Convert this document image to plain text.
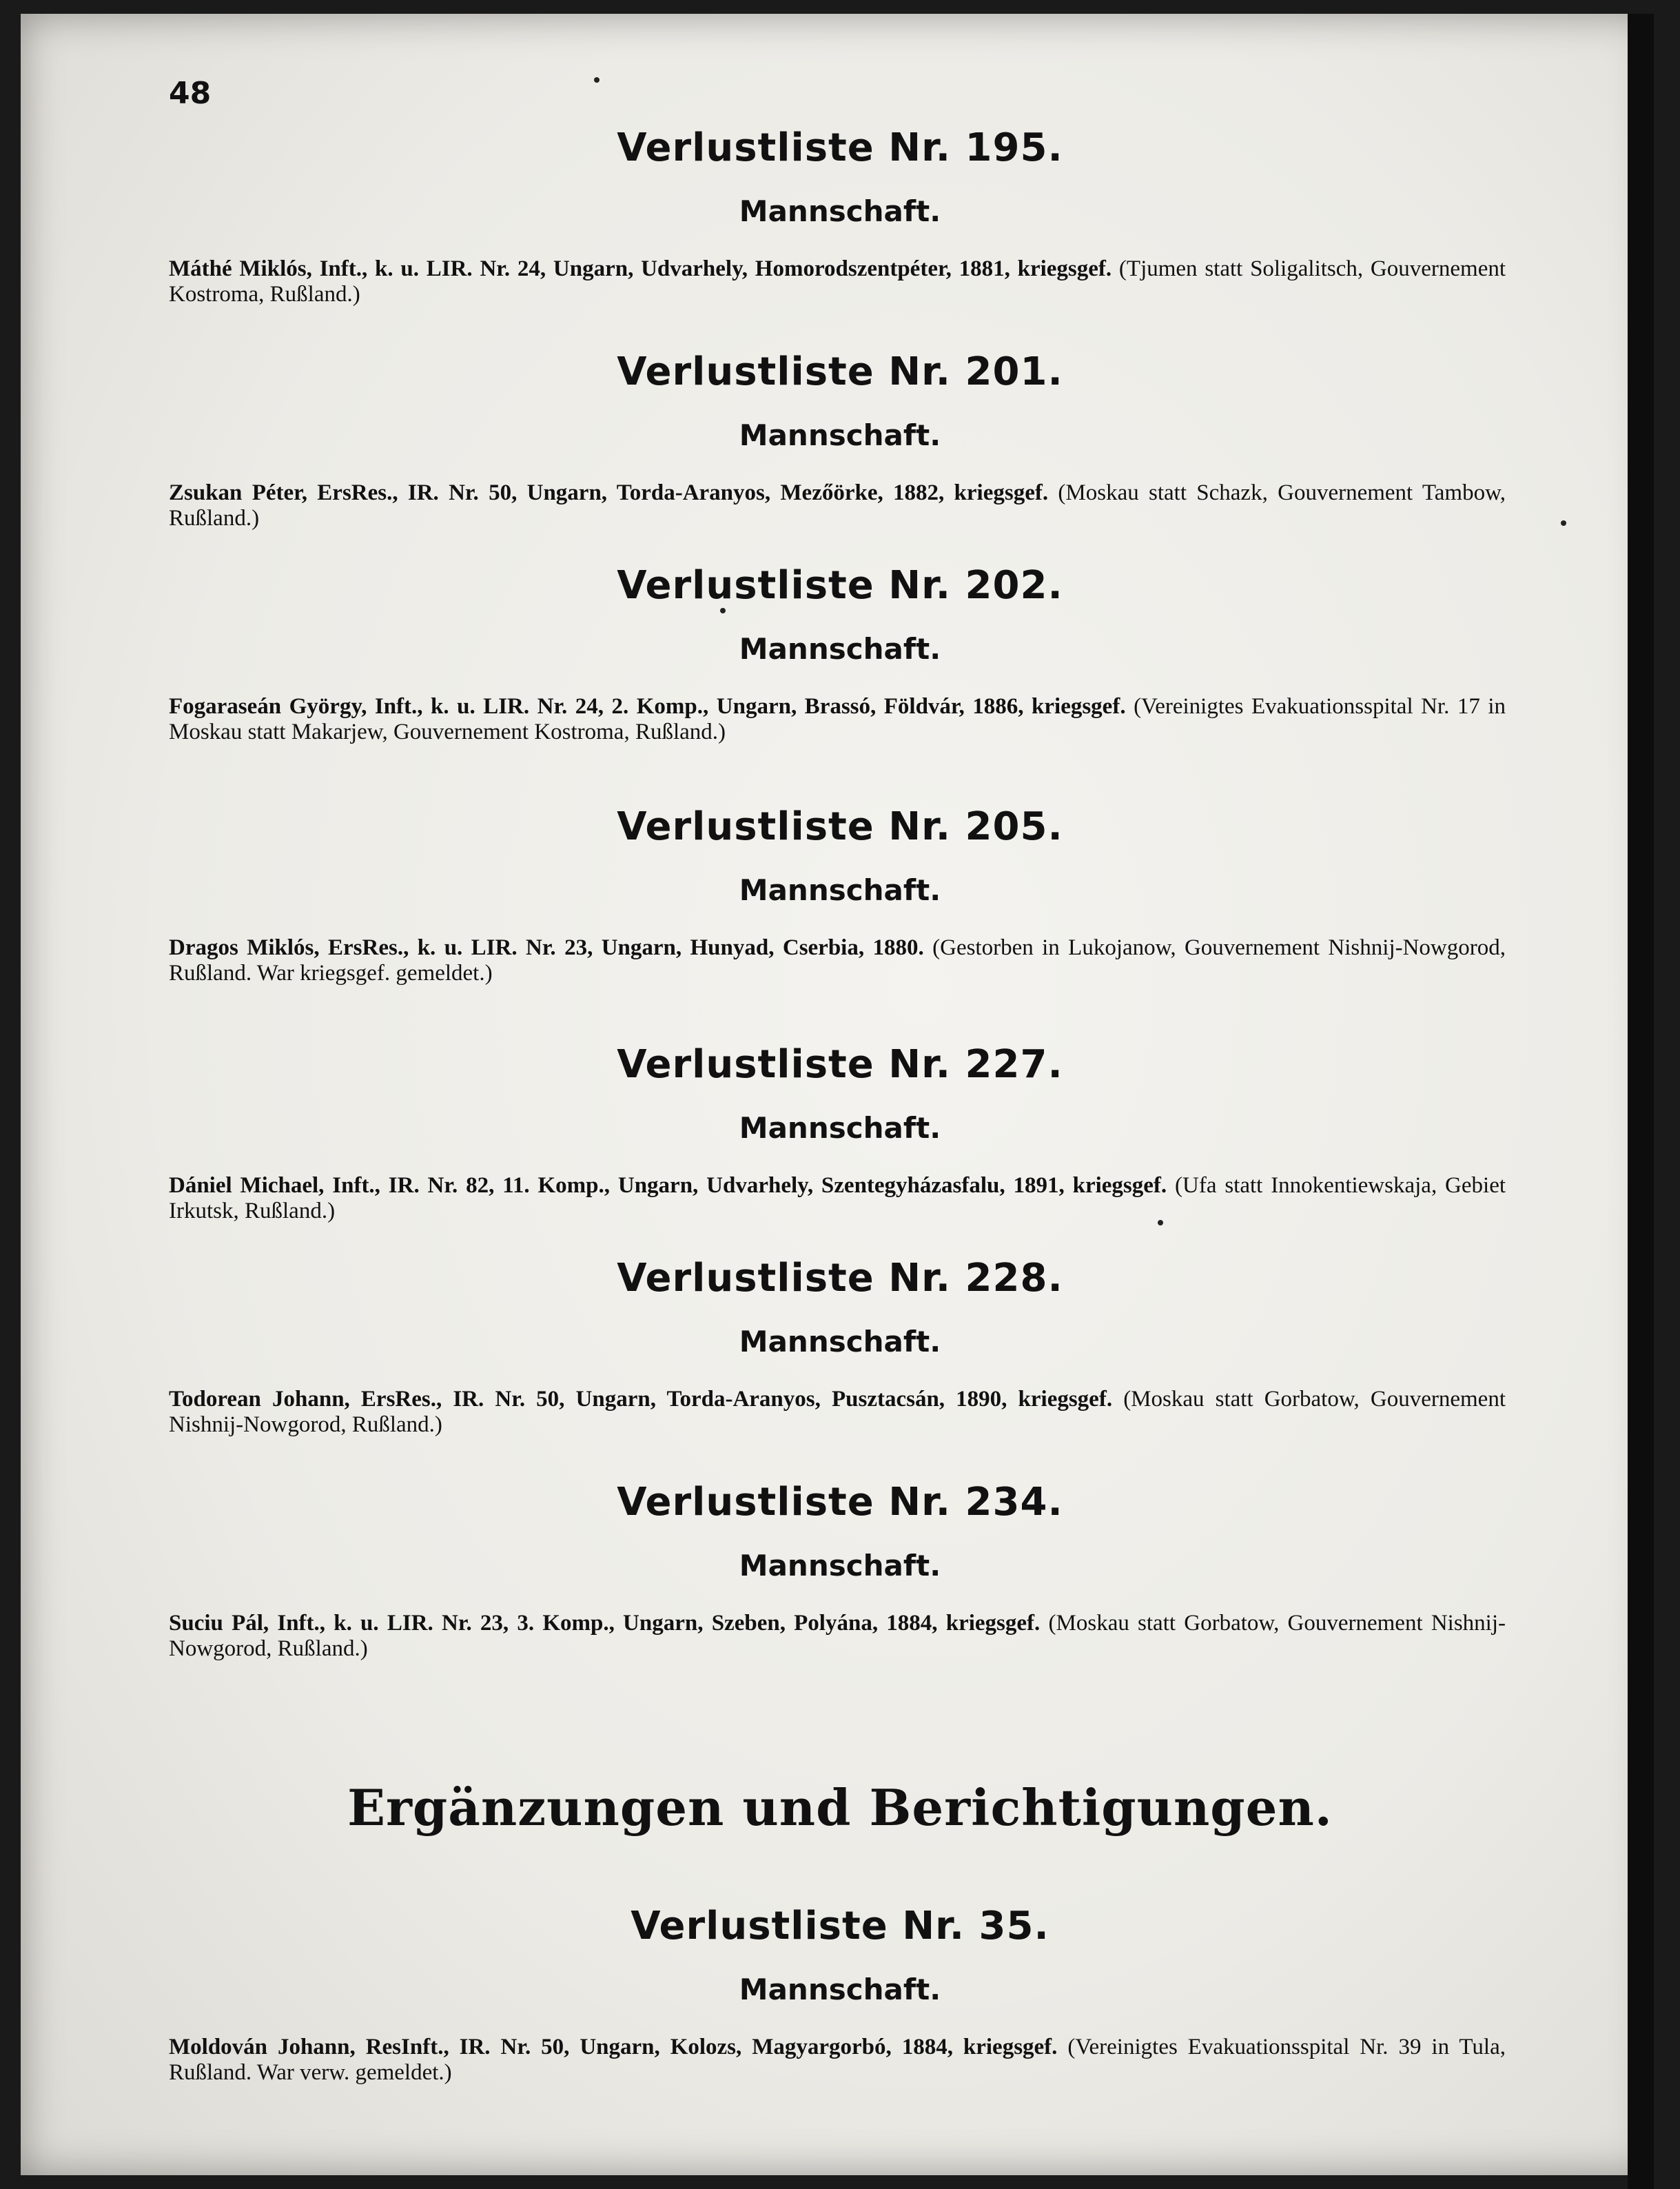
48
Verlustliste Nr. 195.
Mannschaft.
Máthé Miklós, Inft., k. u. LIR. Nr. 24, Ungarn, Udvarhely, Homorodszentpéter, 1881, kriegsgef. (Tjumen statt Soligalitsch, Gouvernement Kostroma, Rußland.)
Verlustliste Nr. 201.
Mannschaft.
Zsukan Péter, ErsRes., IR. Nr. 50, Ungarn, Torda-Aranyos, Mezőörke, 1882, kriegsgef. (Moskau statt Schazk, Gouvernement Tambow, Rußland.)
Verlustliste Nr. 202.
Mannschaft.
Fogarasеán György, Inft., k. u. LIR. Nr. 24, 2. Komp., Ungarn, Brassó, Földvár, 1886, kriegsgef. (Vereinigtes Evakuationsspital Nr. 17 in Moskau statt Makarjew, Gouvernement Kostroma, Rußland.)
Verlustliste Nr. 205.
Mannschaft.
Dragos Miklós, ErsRes., k. u. LIR. Nr. 23, Ungarn, Hunyad, Cserbia, 1880. (Gestorben in Lukojanow, Gouvernement Nishnij-Nowgorod, Rußland. War kriegsgef. gemeldet.)
Verlustliste Nr. 227.
Mannschaft.
Dániel Michael, Inft., IR. Nr. 82, 11. Komp., Ungarn, Udvarhely, Szentegyházasfalu, 1891, kriegsgef. (Ufa statt Innokentiewskaja, Gebiet Irkutsk, Rußland.)
Verlustliste Nr. 228.
Mannschaft.
Todorean Johann, ErsRes., IR. Nr. 50, Ungarn, Torda-Aranyos, Pusztacsán, 1890, kriegsgef. (Moskau statt Gorbatow, Gouvernement Nishnij-Nowgorod, Rußland.)
Verlustliste Nr. 234.
Mannschaft.
Suciu Pál, Inft., k. u. LIR. Nr. 23, 3. Komp., Ungarn, Szeben, Polyána, 1884, kriegsgef. (Moskau statt Gorbatow, Gouvernement Nishnij-Nowgorod, Rußland.)
Ergänzungen und Berichtigungen.
Verlustliste Nr. 35.
Mannschaft.
Moldován Johann, ResInft., IR. Nr. 50, Ungarn, Kolozs, Magyargorbó, 1884, kriegsgef. (Vereinigtes Evakuationsspital Nr. 39 in Tula, Rußland. War verw. gemeldet.)
